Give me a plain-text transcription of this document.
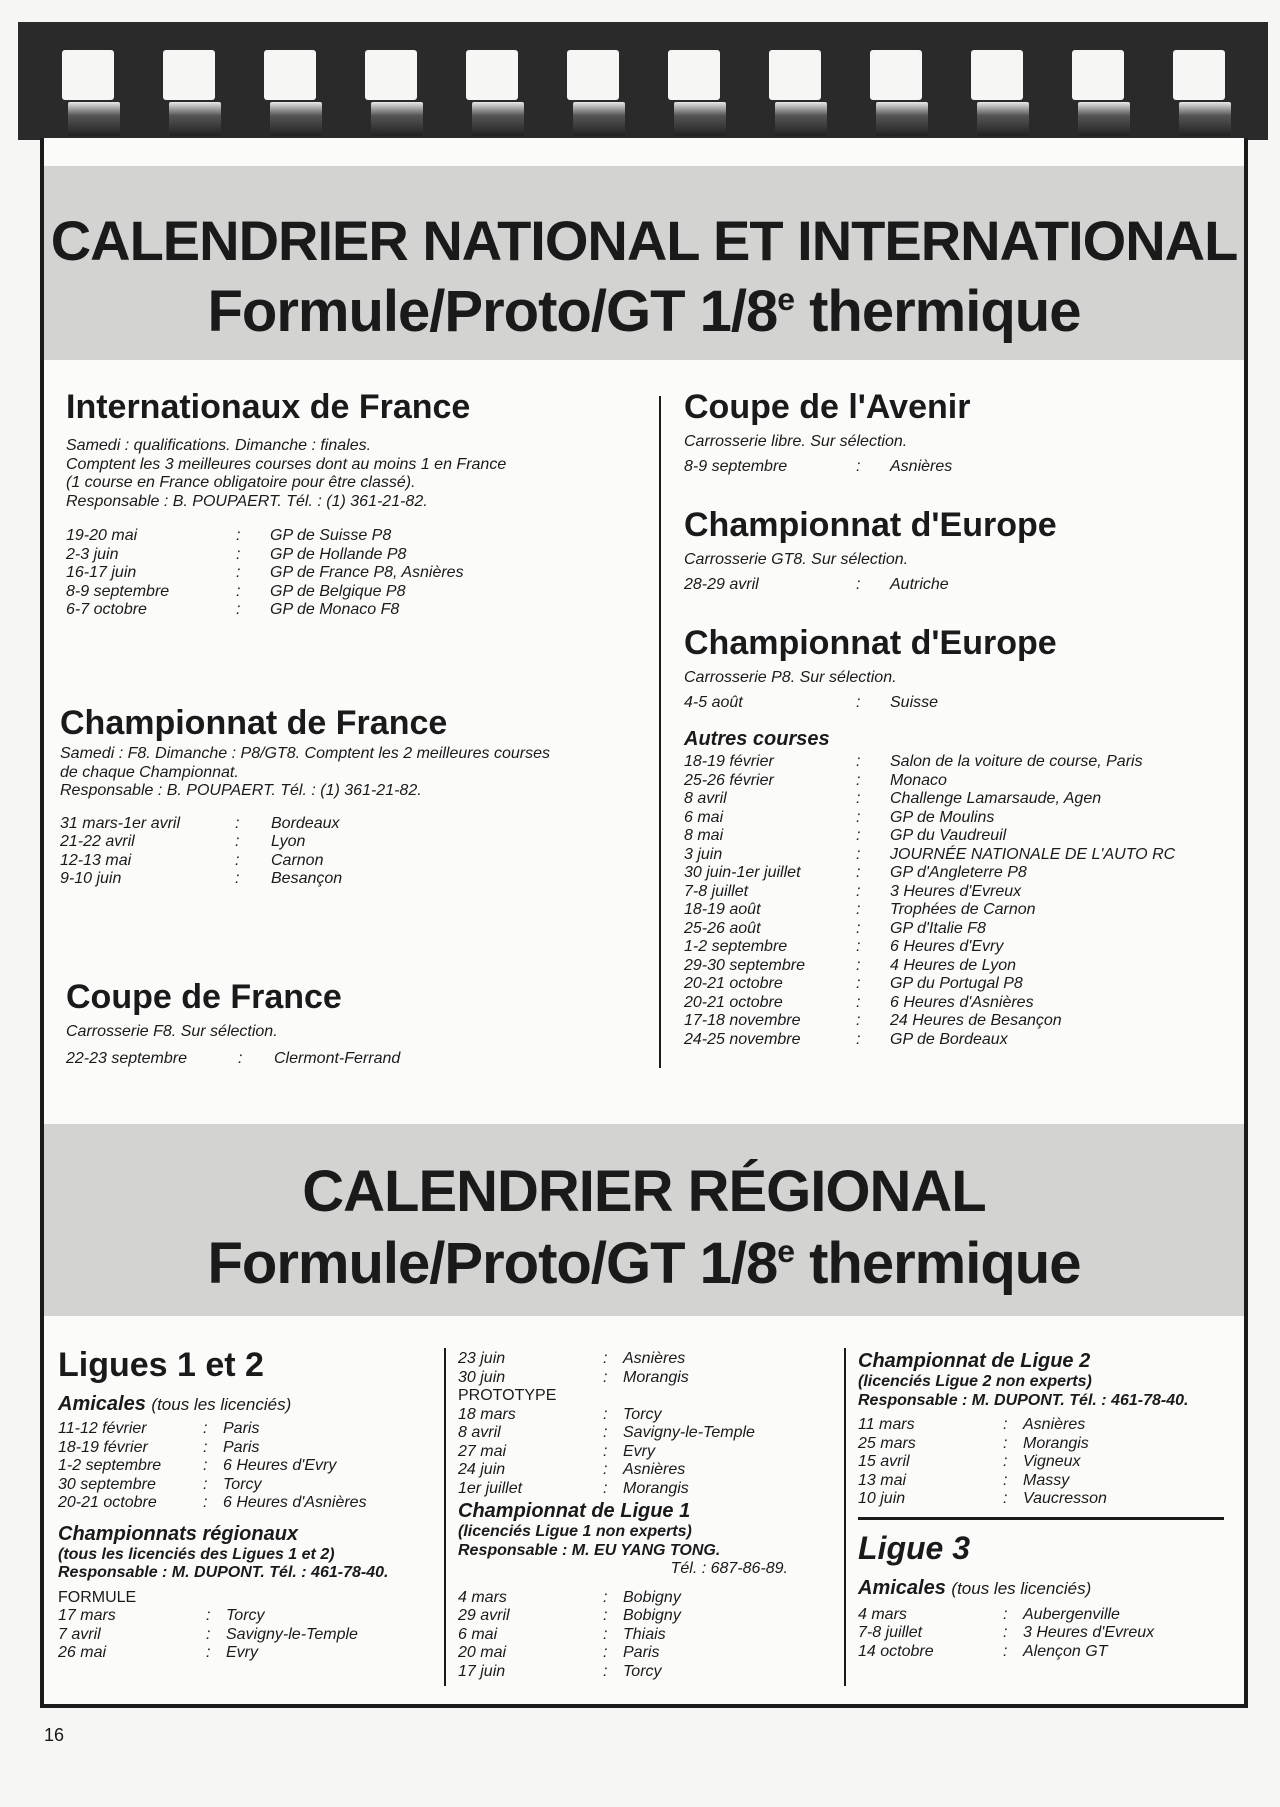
CALENDRIER NATIONAL ET INTERNATIONAL
Formule/Proto/GT 1/8e thermique

Internationaux de France

Samedi : qualifications. Dimanche : finales.

Comptent les 3 meilleures courses dont au moins 1 en France

(1 course en France obligatoire pour être classé).

Responsable : B. POUPAERT. Tél. : (1) 361-21-82.

19-20 mai	:	GP de Suisse P8
2-3 juin	:	GP de Hollande P8
16-17 juin	:	GP de France P8, Asnières
8-9 septembre	:	GP de Belgique P8
6-7 octobre	:	GP de Monaco F8

Championnat de France

Samedi : F8. Dimanche : P8/GT8. Comptent les 2 meilleures courses

de chaque Championnat.

Responsable : B. POUPAERT. Tél. : (1) 361-21-82.

31 mars-1er avril	:	Bordeaux
21-22 avril	:	Lyon
12-13 mai	:	Carnon
9-10 juin	:	Besançon

Coupe de France

Carrosserie F8. Sur sélection.

22-23 septembre	:	Clermont-Ferrand

Coupe de l'Avenir

Carrosserie libre. Sur sélection.

8-9 septembre	:	Asnières

Championnat d'Europe

Carrosserie GT8. Sur sélection.

28-29 avril	:	Autriche

Championnat d'Europe

Carrosserie P8. Sur sélection.

4-5 août	:	Suisse

Autres courses

18-19 février	:	Salon de la voiture de course, Paris
25-26 février	:	Monaco
8 avril	:	Challenge Lamarsaude, Agen
6 mai	:	GP de Moulins
8 mai	:	GP du Vaudreuil
3 juin	:	JOURNÉE NATIONALE DE L'AUTO RC
30 juin-1er juillet	:	GP d'Angleterre P8
7-8 juillet	:	3 Heures d'Evreux
18-19 août	:	Trophées de Carnon
25-26 août	:	GP d'Italie F8
1-2 septembre	:	6 Heures d'Evry
29-30 septembre	:	4 Heures de Lyon
20-21 octobre	:	GP du Portugal P8
20-21 octobre	:	6 Heures d'Asnières
17-18 novembre	:	24 Heures de Besançon
24-25 novembre	:	GP de Bordeaux
CALENDRIER RÉGIONAL
Formule/Proto/GT 1/8e thermique

Ligues 1 et 2

Amicales (tous les licenciés)

11-12 février	: Paris
18-19 février	: Paris
1-2 septembre	: 6 Heures d'Evry
30 septembre	: Torcy
20-21 octobre	: 6 Heures d'Asnières

Championnats régionaux

(tous les licenciés des Ligues 1 et 2)

Responsable : M. DUPONT. Tél. : 461-78-40.

FORMULE

17 mars	: Torcy
7 avril	: Savigny-le-Temple
26 mai	: Evry
23 juin	: Asnières
30 juin	: Morangis

PROTOTYPE

18 mars	: Torcy
8 avril	: Savigny-le-Temple
27 mai	: Evry
24 juin	: Asnières
1er juillet	: Morangis

Championnat de Ligue 1

(licenciés Ligue 1 non experts)

Responsable : M. EU YANG TONG.

Tél. : 687-86-89.

4 mars	: Bobigny
29 avril	: Bobigny
6 mai	: Thiais
20 mai	: Paris
17 juin	: Torcy

Championnat de Ligue 2

(licenciés Ligue 2 non experts)

Responsable : M. DUPONT. Tél. : 461-78-40.

11 mars	: Asnières
25 mars	: Morangis
15 avril	: Vigneux
13 mai	: Massy
10 juin	: Vaucresson

Ligue 3

Amicales (tous les licenciés)

4 mars	: Aubergenville
7-8 juillet	: 3 Heures d'Evreux
14 octobre	: Alençon GT
16
